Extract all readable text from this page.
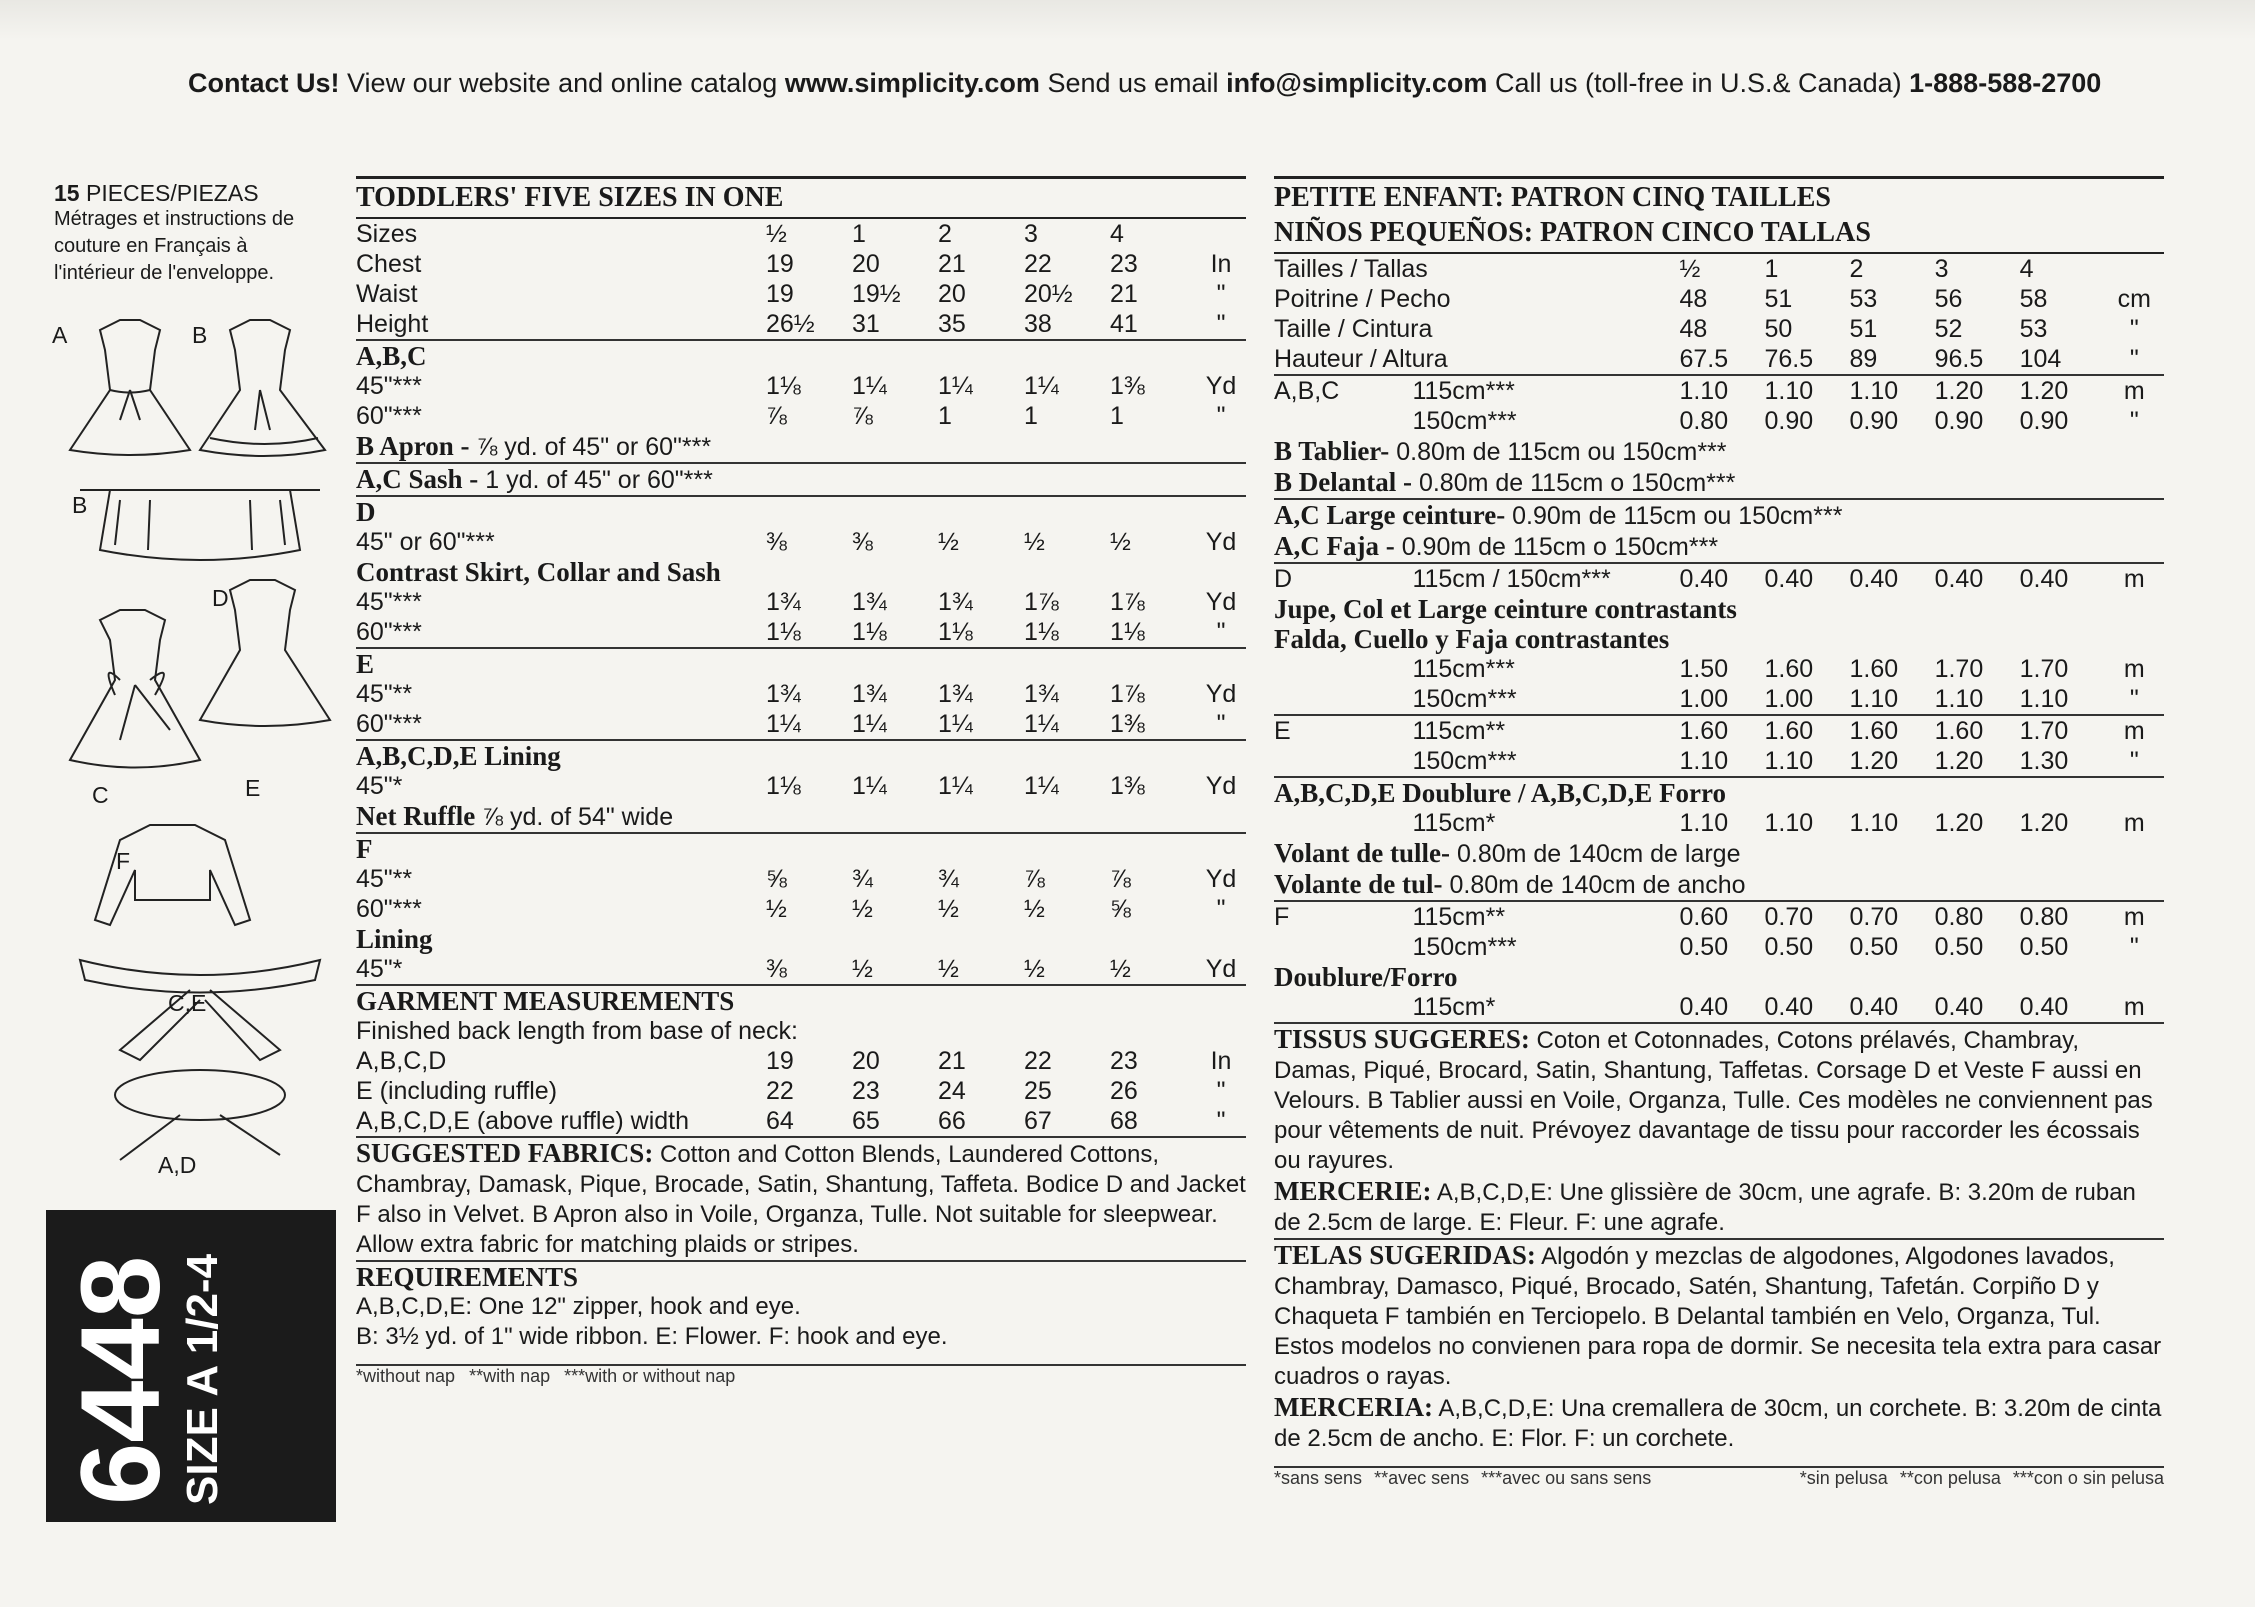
Contact Us! View our website and online catalog www.simplicity.com Send us email info@simplicity.com Call us (toll-free in U.S.& Canada) 1-888-588-2700
15 PIECES/PIEZAS
Métrages et instructions de couture en Français à l'intérieur de l'enveloppe.
A	B
B
D
C	E
F
C,E
A,D
6448
SIZE A 1/2-4
TODDLERS' FIVE SIZES IN ONE
Sizes	½	1	2	3	4
Chest	19	20	21	22	23	In
Waist	19	19½	20	20½	21	"
Height	26½	31	35	38	41	"
A,B,C
45"***	1⅛	1¼	1¼	1¼	1⅜	Yd
60"***	⅞	⅞	1	1	1	"
B Apron - ⅞ yd. of 45" or 60"***
A,C Sash - 1 yd. of 45" or 60"***
D
45" or 60"***	⅜	⅜	½	½	½	Yd
Contrast Skirt, Collar and Sash
45"***	1¾	1¾	1¾	1⅞	1⅞	Yd
60"***	1⅛	1⅛	1⅛	1⅛	1⅛	"
E
45"**	1¾	1¾	1¾	1¾	1⅞	Yd
60"***	1¼	1¼	1¼	1¼	1⅜	"
A,B,C,D,E Lining
45"*	1⅛	1¼	1¼	1¼	1⅜	Yd
Net Ruffle ⅞ yd. of 54" wide
F
45"**	⅝	¾	¾	⅞	⅞	Yd
60"***	½	½	½	½	⅝	"
Lining
45"*	⅜	½	½	½	½	Yd
GARMENT MEASUREMENTS
Finished back length from base of neck:
A,B,C,D	19	20	21	22	23	In
E (including ruffle)	22	23	24	25	26	"
A,B,C,D,E (above ruffle) width	64	65	66	67	68	"
SUGGESTED FABRICS: Cotton and Cotton Blends, Laundered Cottons, Chambray, Damask, Pique, Brocade, Satin, Shantung, Taffeta. Bodice D and Jacket F also in Velvet. B Apron also in Voile, Organza, Tulle. Not suitable for sleepwear. Allow extra fabric for matching plaids or stripes.
REQUIREMENTS
A,B,C,D,E: One 12" zipper, hook and eye.
B: 3½ yd. of 1" wide ribbon. E: Flower. F: hook and eye.
*without nap **with nap ***with or without nap
PETITE ENFANT: PATRON CINQ TAILLES
NIÑOS PEQUEÑOS: PATRON CINCO TALLAS
Tailles / Tallas	½	1	2	3	4
Poitrine / Pecho	48	51	53	56	58	cm
Taille / Cintura	48	50	51	52	53	"
Hauteur / Altura	67.5	76.5	89	96.5	104	"
A,B,C	115cm***	1.10	1.10	1.10	1.20	1.20	m
150cm***	0.80	0.90	0.90	0.90	0.90	"
B Tablier- 0.80m de 115cm ou 150cm***
B Delantal - 0.80m de 115cm o 150cm***
A,C Large ceinture- 0.90m de 115cm ou 150cm***
A,C Faja - 0.90m de 115cm o 150cm***
D	115cm / 150cm***	0.40	0.40	0.40	0.40	0.40	m
Jupe, Col et Large ceinture contrastants
Falda, Cuello y Faja contrastantes
115cm***	1.50	1.60	1.60	1.70	1.70	m
150cm***	1.00	1.00	1.10	1.10	1.10	"
E	115cm**	1.60	1.60	1.60	1.60	1.70	m
150cm***	1.10	1.10	1.20	1.20	1.30	"
A,B,C,D,E Doublure / A,B,C,D,E Forro
115cm*	1.10	1.10	1.10	1.20	1.20	m
Volant de tulle- 0.80m de 140cm de large
Volante de tul- 0.80m de 140cm de ancho
F	115cm**	0.60	0.70	0.70	0.80	0.80	m
150cm***	0.50	0.50	0.50	0.50	0.50	"
Doublure/Forro
115cm*	0.40	0.40	0.40	0.40	0.40	m
TISSUS SUGGERES: Coton et Cotonnades, Cotons prélavés, Chambray, Damas, Piqué, Brocard, Satin, Shantung, Taffetas. Corsage D et Veste F aussi en Velours. B Tablier aussi en Voile, Organza, Tulle. Ces modèles ne conviennent pas pour vêtements de nuit. Prévoyez davantage de tissu pour raccorder les écossais ou rayures.
MERCERIE: A,B,C,D,E: Une glissière de 30cm, une agrafe. B: 3.20m de ruban de 2.5cm de large. E: Fleur. F: une agrafe.
TELAS SUGERIDAS: Algodón y mezclas de algodones, Algodones lavados, Chambray, Damasco, Piqué, Brocado, Satén, Shantung, Tafetán. Corpiño D y Chaqueta F también en Terciopelo. B Delantal también en Velo, Organza, Tul. Estos modelos no convienen para ropa de dormir. Se necesita tela extra para casar cuadros o rayas.
MERCERIA: A,B,C,D,E: Una cremallera de 30cm, un corchete. B: 3.20m de cinta de 2.5cm de ancho. E: Flor. F: un corchete.
*sans sens **avec sens ***avec ou sans sens	*sin pelusa **con pelusa ***con o sin pelusa
